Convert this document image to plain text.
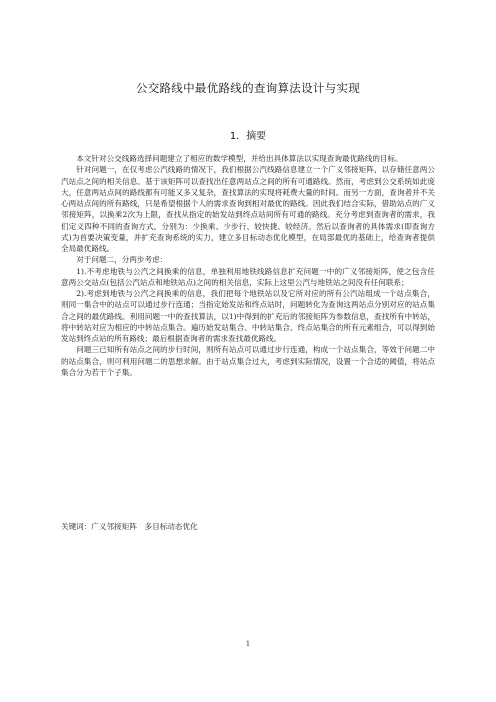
公交路线中最优路线的查询算法设计与实现
1．摘要

本文针对公交线路选择问题建立了相应的数学模型，并给出具体算法以实现查询最优路线的目标。

针对问题一，在仅考虑公汽线路的情况下，我们根据公汽线路信息建立一个广义邻接矩阵，以存储任意两公汽站点之间的相关信息。基于该矩阵可以查找出任意两站点之间的所有可通路线。然而，考虑到公交系统如此庞大，任意两站点间的路线都有可能又多又复杂，查找算法的实现将耗费大量的时间。而另一方面，查询者并不关心两站点间的所有路线，只是希望根据个人的需求查询到相对最优的路线。因此我们结合实际，借助站点的广义邻接矩阵，以换乘2次为上限，查找从指定的始发站到终点站间所有可通的路线。充分考虑到查询者的需求，我们定义四种不同的查询方式，分别为：少换乘、少步行、较快捷、较经济。然后以查询者的具体需求(即查询方式)为首要决策变量，并扩充查询系统的实力，建立多目标动态优化模型，在局部最优的基础上，给查询者提供全局最优路线。

对于问题二，分两步考虑：

1).不考虑地铁与公汽之间换乘的信息，单独利用地铁线路信息扩充问题一中的广义邻接矩阵，使之包含任意两公交站点(包括公汽站点和地铁站点)之间的相关信息，实际上这里公汽与地铁站之间没有任何联系；

2).考虑到地铁与公汽之间换乘的信息，我们把每个地铁站以及它所对应的所有公汽站组成一个站点集合，则同一集合中的站点可以通过步行连通；当指定始发站和终点站时，问题转化为查询这两站点分别对应的站点集合之间的最优路线。利用问题一中的查找算法，以1)中得到的扩充后的邻接矩阵为参数信息，查找所有中转站，将中转站对应为相应的中转站点集合。遍历始发站集合、中转站集合、终点站集合的所有元素组合，可以得到始发站到终点站的所有路线；最后根据查询者的需求查找最优路线。

问题三已知所有站点之间的步行时间，则所有站点可以通过步行连通，构成一个站点集合，等效于问题二中的站点集合，则可利用问题二的思想求解。由于站点集合过大，考虑到实际情况，设置一个合适的阈值，将站点集合分为若干个子集。

关键词：广义邻接矩阵　多目标动态优化
1
